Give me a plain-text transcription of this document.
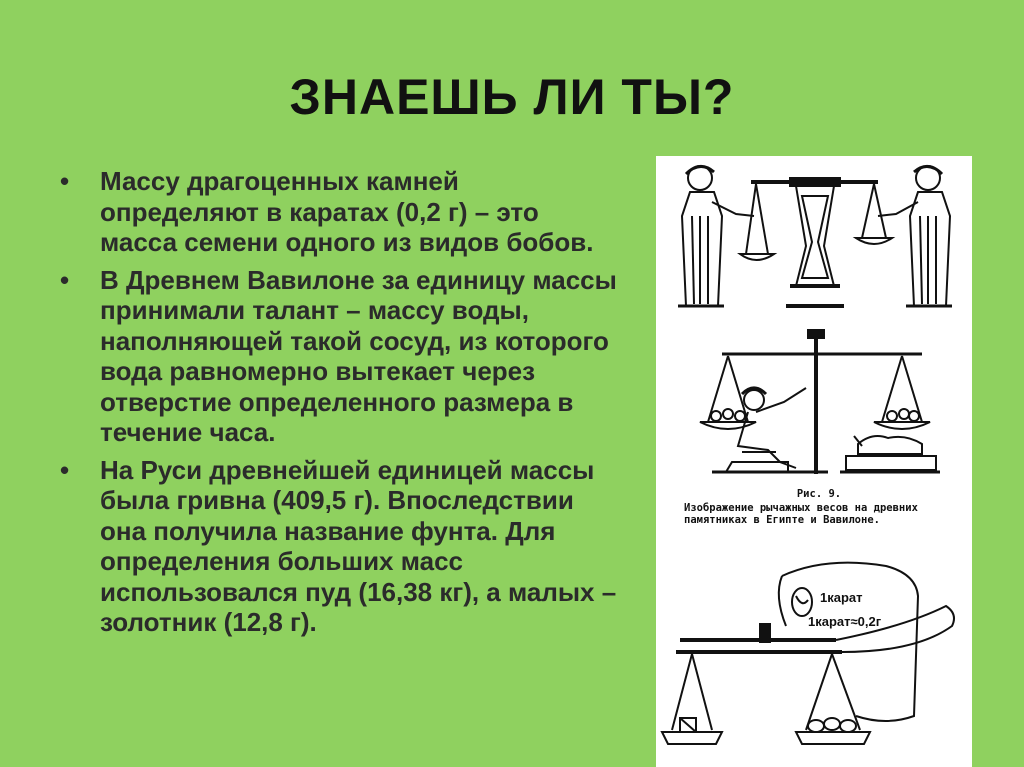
ЗНАЕШЬ ЛИ ТЫ?
• Массу драгоценных камней определяют в каратах (0,2 г) – это масса семени одного из видов бобов.
• В Древнем Вавилоне за единицу массы принимали талант – массу воды, наполняющей такой сосуд, из которого вода равномерно вытекает через отверстие определенного размера в течение часа.
• На Руси древнейшей единицей массы была гривна (409,5 г). Впоследствии она получила название фунта. Для определения больших масс использовался пуд (16,38 кг), а малых – золотник (12,8 г).
1карат
1карат≈0,2г
Рис. 9.
Изображение рычажных весов на древних памятниках в Египте и Вавилоне.
